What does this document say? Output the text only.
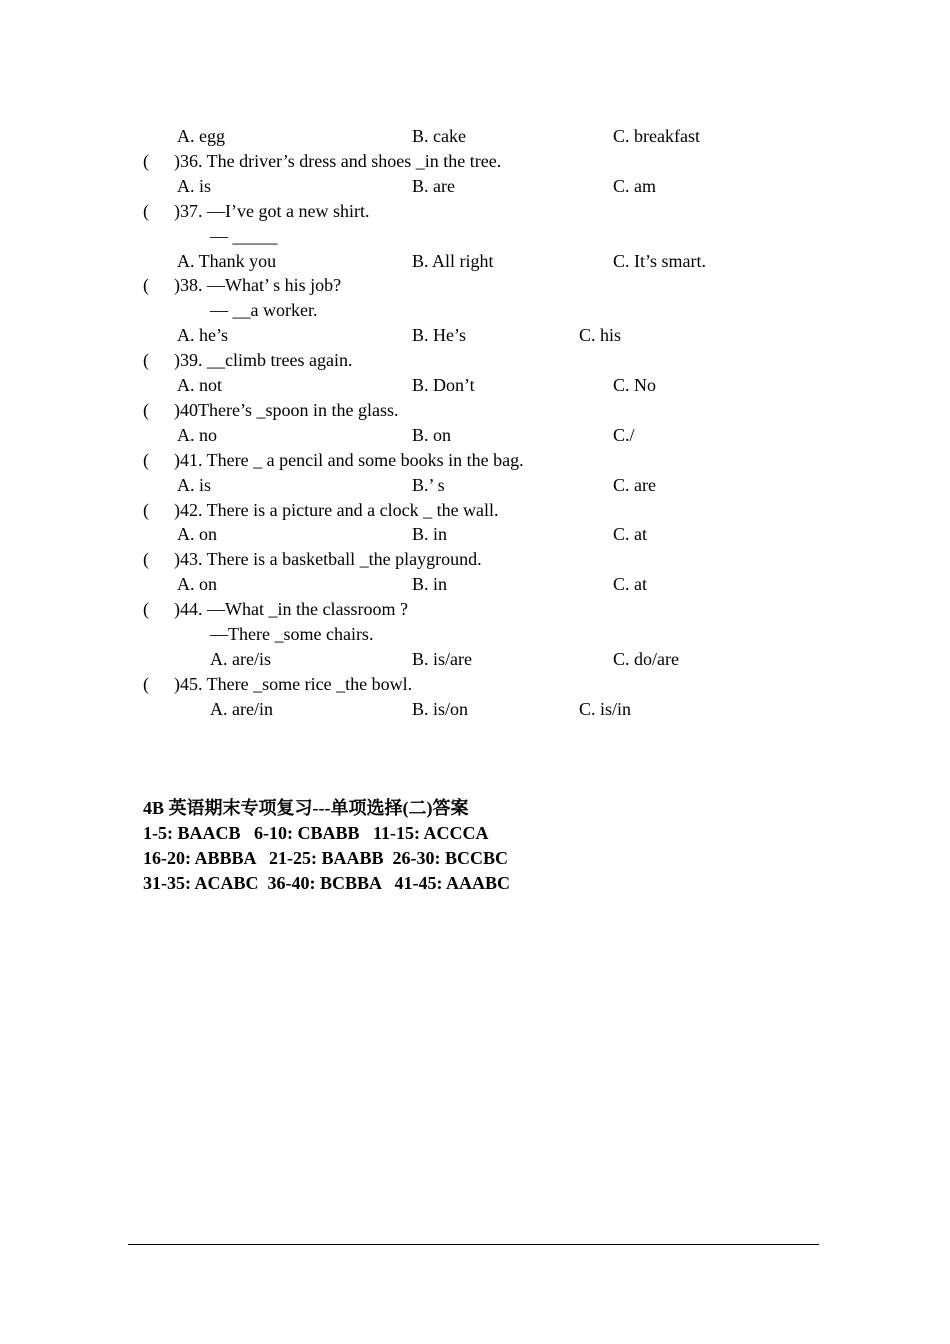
A. egg	B. cake	C. breakfast
( )36. The driver’s dress and shoes _in the tree.
A. is	B. are	C. am
( )37. —I’ve got a new shirt.
— _____
A. Thank you	B. All right	C. It’s smart.
( )38. —What’ s his job?
— __a worker.
A. he’s	B. He’s	C. his
( )39. __climb trees again.
A. not	B. Don’t	C. No
( )40There’s _spoon in the glass.
A. no	B. on	C./
( )41. There _ a pencil and some books in the bag.
A. is	B.’ s	C. are
( )42. There is a picture and a clock _ the wall.
A. on	B. in	C. at
( )43. There is a basketball _the playground.
A. on	B. in	C. at
( )44. —What _in the classroom ?
—There _some chairs.
A. are/is	B. is/are	C. do/are
( )45. There _some rice _the bowl.
A. are/in	B. is/on	C. is/in
4B 英语期末专项复习---单项选择(二)答案
1-5: BAACB   6-10: CBABB   11-15: ACCCA
16-20: ABBBA   21-25: BAABB  26-30: BCCBC
31-35: ACABC  36-40: BCBBA   41-45: AAABC
